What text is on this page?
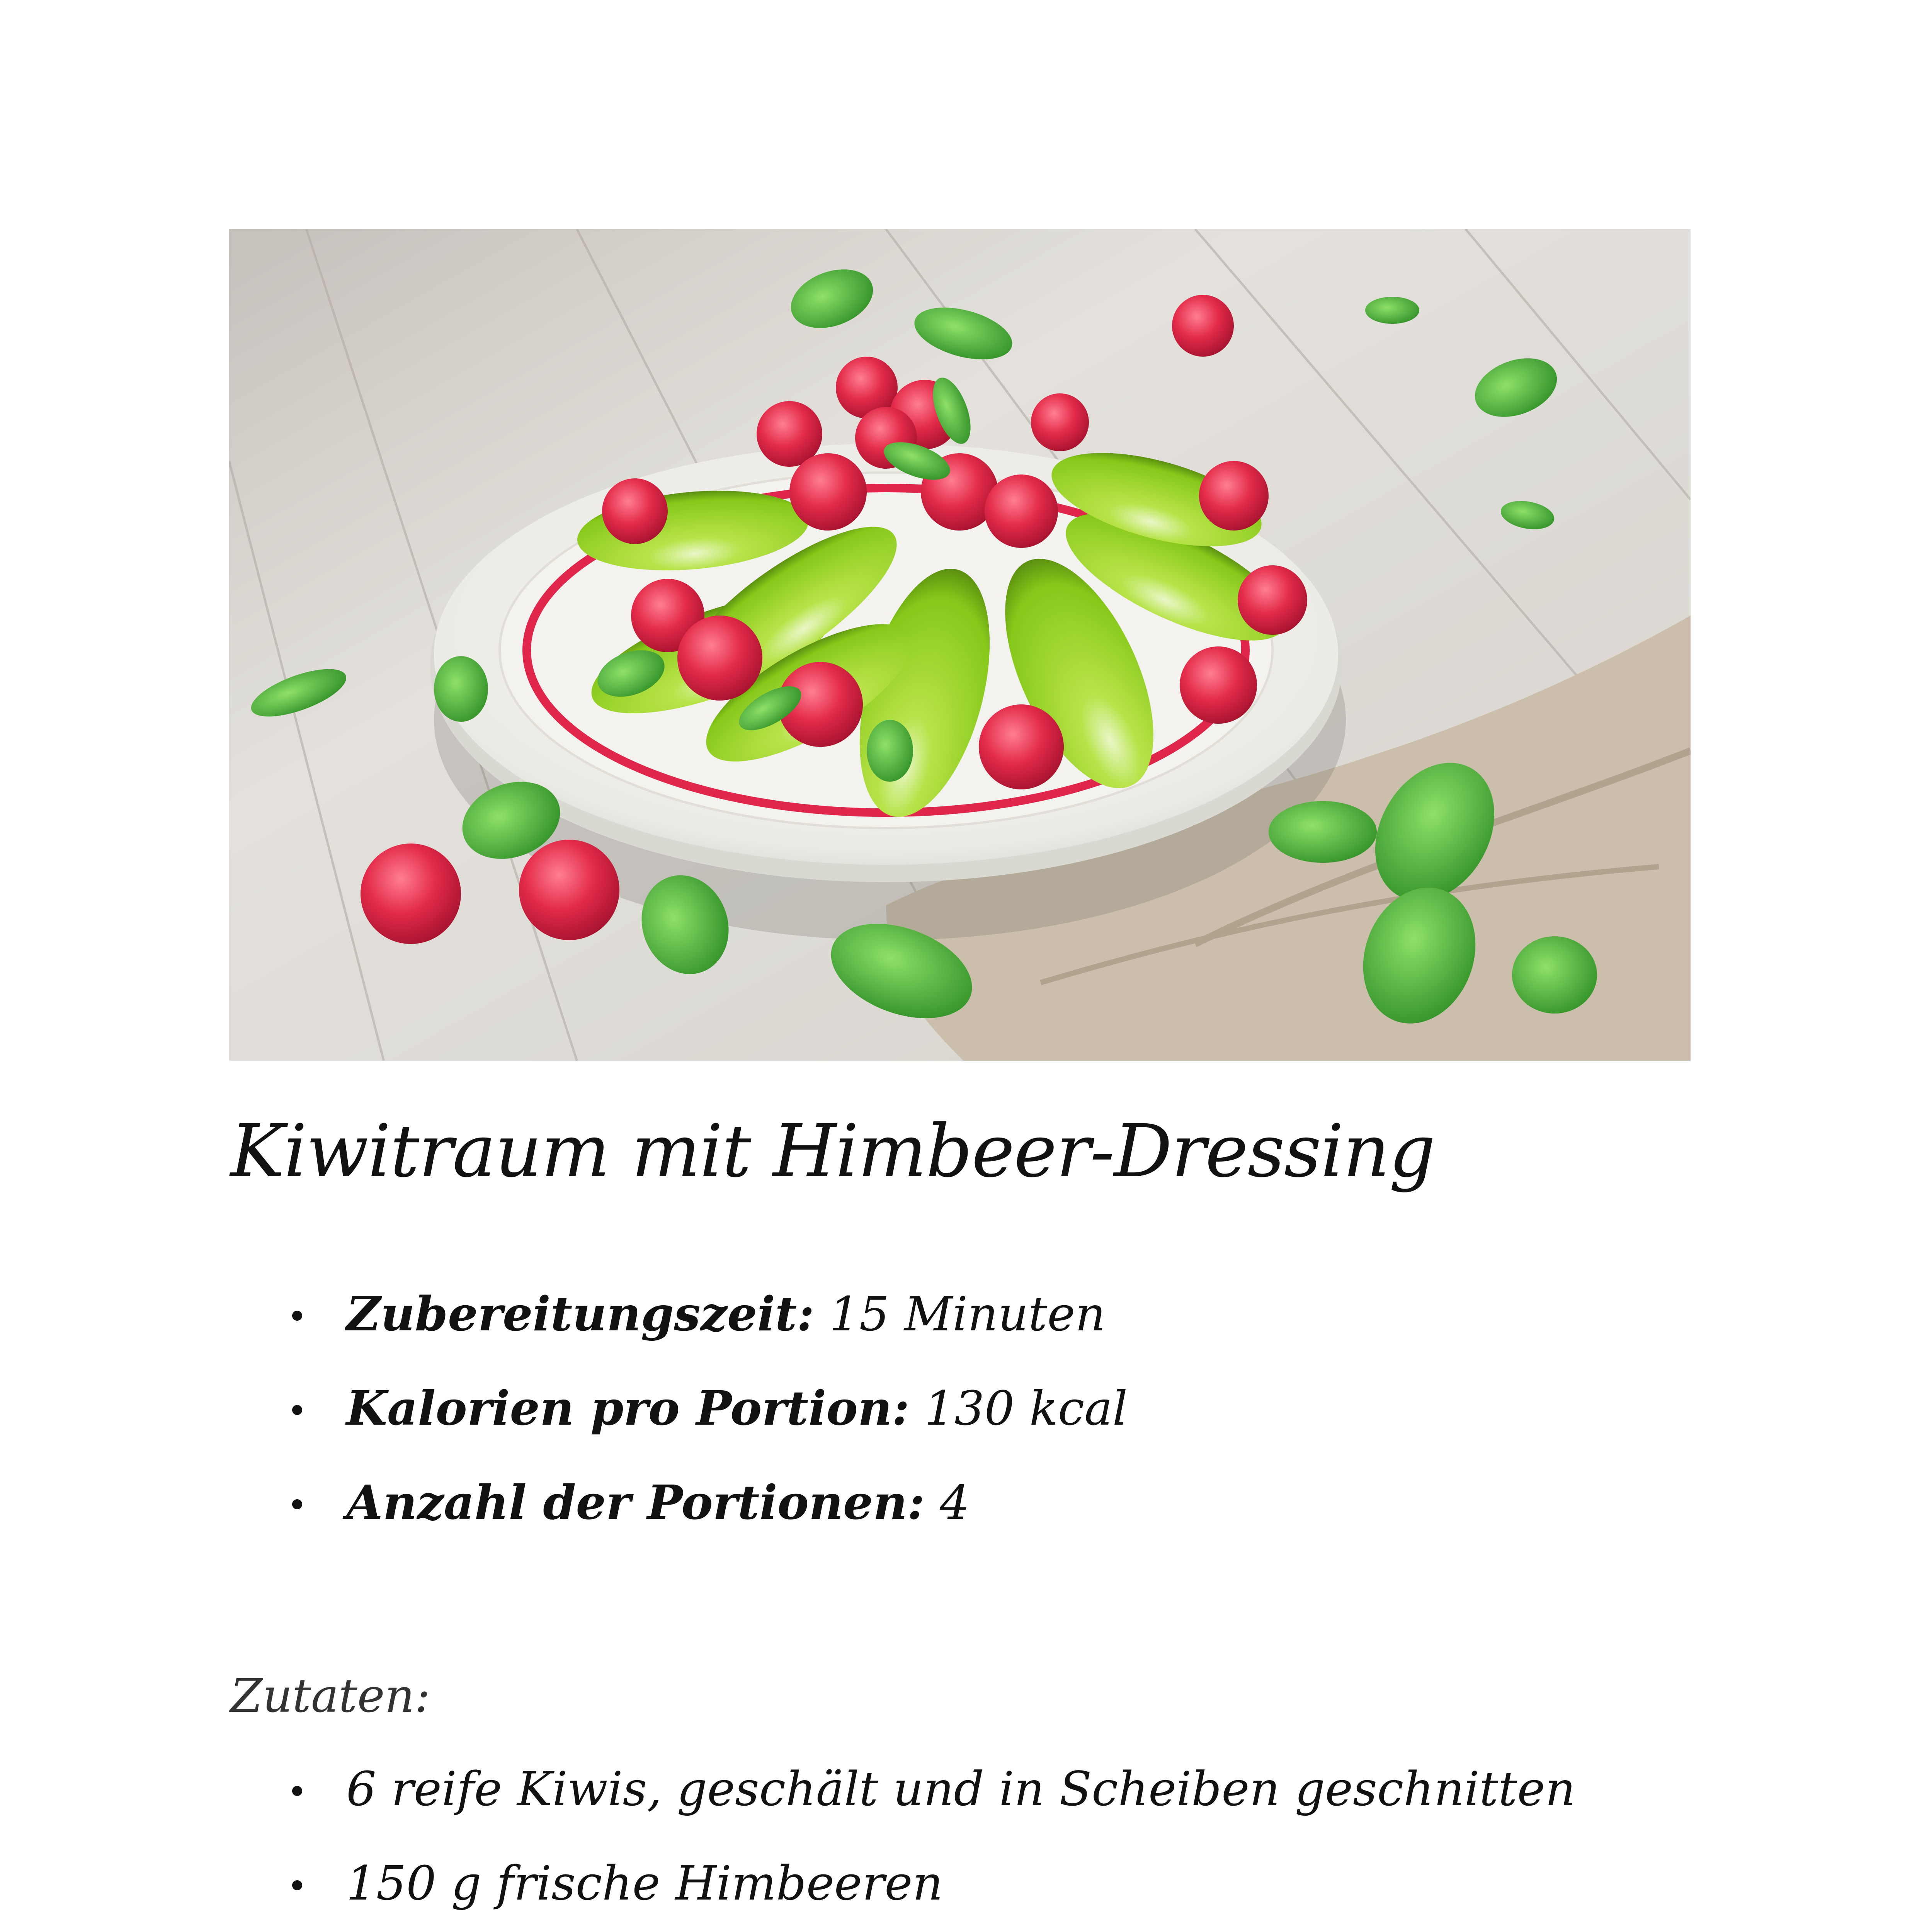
Kiwitraum mit Himbeer-Dressing
Zubereitungszeit: 15 Minuten
Kalorien pro Portion: 130 kcal
Anzahl der Portionen: 4
Zutaten:
6 reife Kiwis, geschält und in Scheiben geschnitten
150 g frische Himbeeren
